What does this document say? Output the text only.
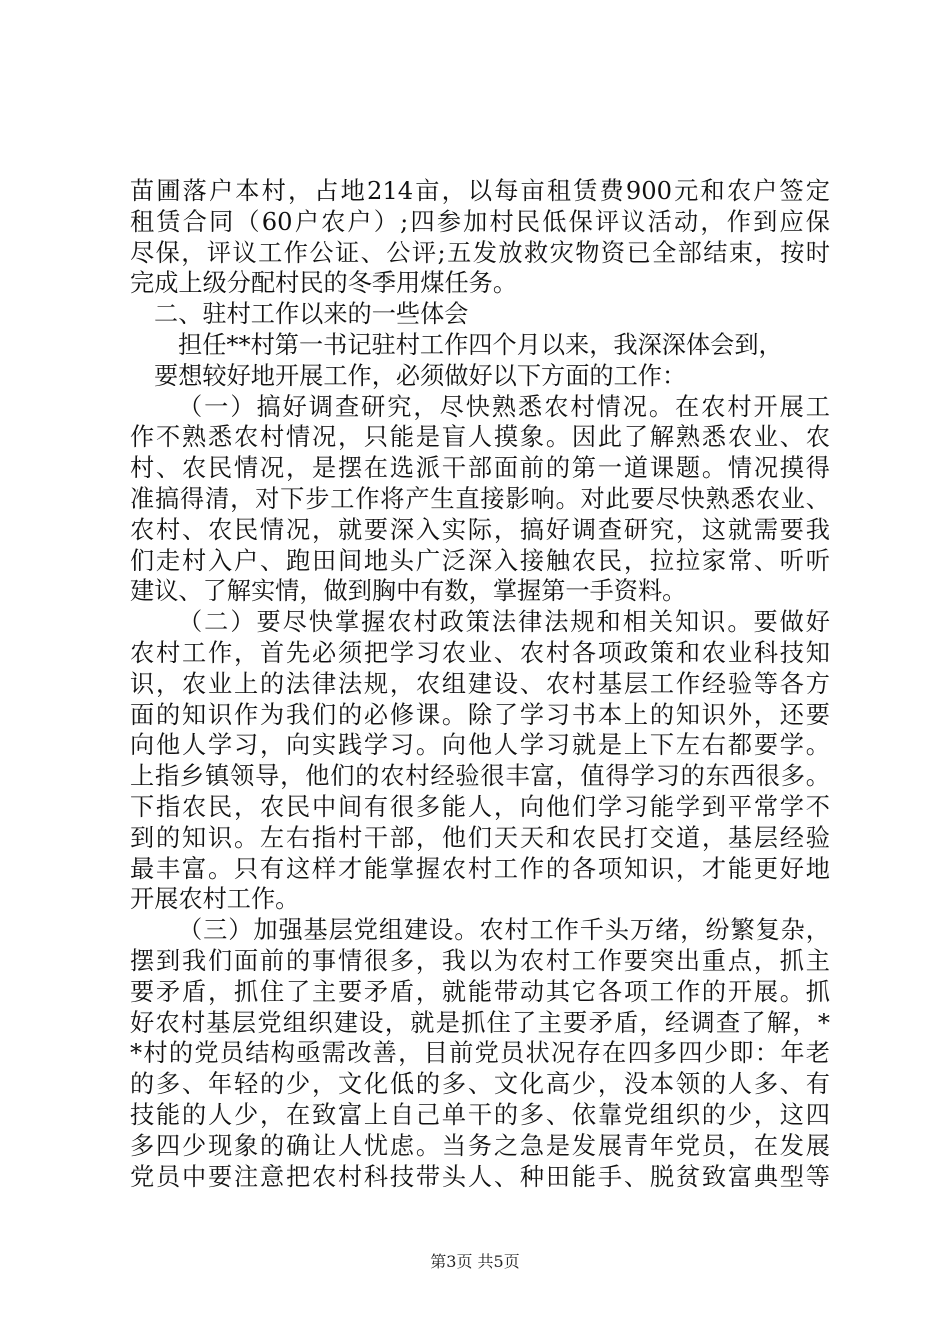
苗圃落户本村，占地214亩，以每亩租赁费900元和农户签定
租赁合同（60户农户）;四参加村民低保评议活动，作到应保
尽保，评议工作公证、公评;五发放救灾物资已全部结束，按时
完成上级分配村民的冬季用煤任务。
二、驻村工作以来的一些体会
担任**村第一书记驻村工作四个月以来，我深深体会到，
要想较好地开展工作，必须做好以下方面的工作：
（一）搞好调查研究，尽快熟悉农村情况。在农村开展工
作不熟悉农村情况，只能是盲人摸象。因此了解熟悉农业、农
村、农民情况，是摆在选派干部面前的第一道课题。情况摸得
准搞得清，对下步工作将产生直接影响。对此要尽快熟悉农业、
农村、农民情况，就要深入实际，搞好调查研究，这就需要我
们走村入户、跑田间地头广泛深入接触农民，拉拉家常、听听
建议、了解实情，做到胸中有数，掌握第一手资料。
（二）要尽快掌握农村政策法律法规和相关知识。要做好
农村工作，首先必须把学习农业、农村各项政策和农业科技知
识，农业上的法律法规，农组建设、农村基层工作经验等各方
面的知识作为我们的必修课。除了学习书本上的知识外，还要
向他人学习，向实践学习。向他人学习就是上下左右都要学。
上指乡镇领导，他们的农村经验很丰富，值得学习的东西很多。
下指农民，农民中间有很多能人，向他们学习能学到平常学不
到的知识。左右指村干部，他们天天和农民打交道，基层经验
最丰富。只有这样才能掌握农村工作的各项知识，才能更好地
开展农村工作。
（三）加强基层党组建设。农村工作千头万绪，纷繁复杂，
摆到我们面前的事情很多，我以为农村工作要突出重点，抓主
要矛盾，抓住了主要矛盾，就能带动其它各项工作的开展。抓
好农村基层党组织建设，就是抓住了主要矛盾，经调查了解，*
*村的党员结构亟需改善，目前党员状况存在四多四少即：年老
的多、年轻的少，文化低的多、文化高少，没本领的人多、有
技能的人少，在致富上自己单干的多、依靠党组织的少，这四
多四少现象的确让人忧虑。当务之急是发展青年党员，在发展
党员中要注意把农村科技带头人、种田能手、脱贫致富典型等
第3页 共5页
